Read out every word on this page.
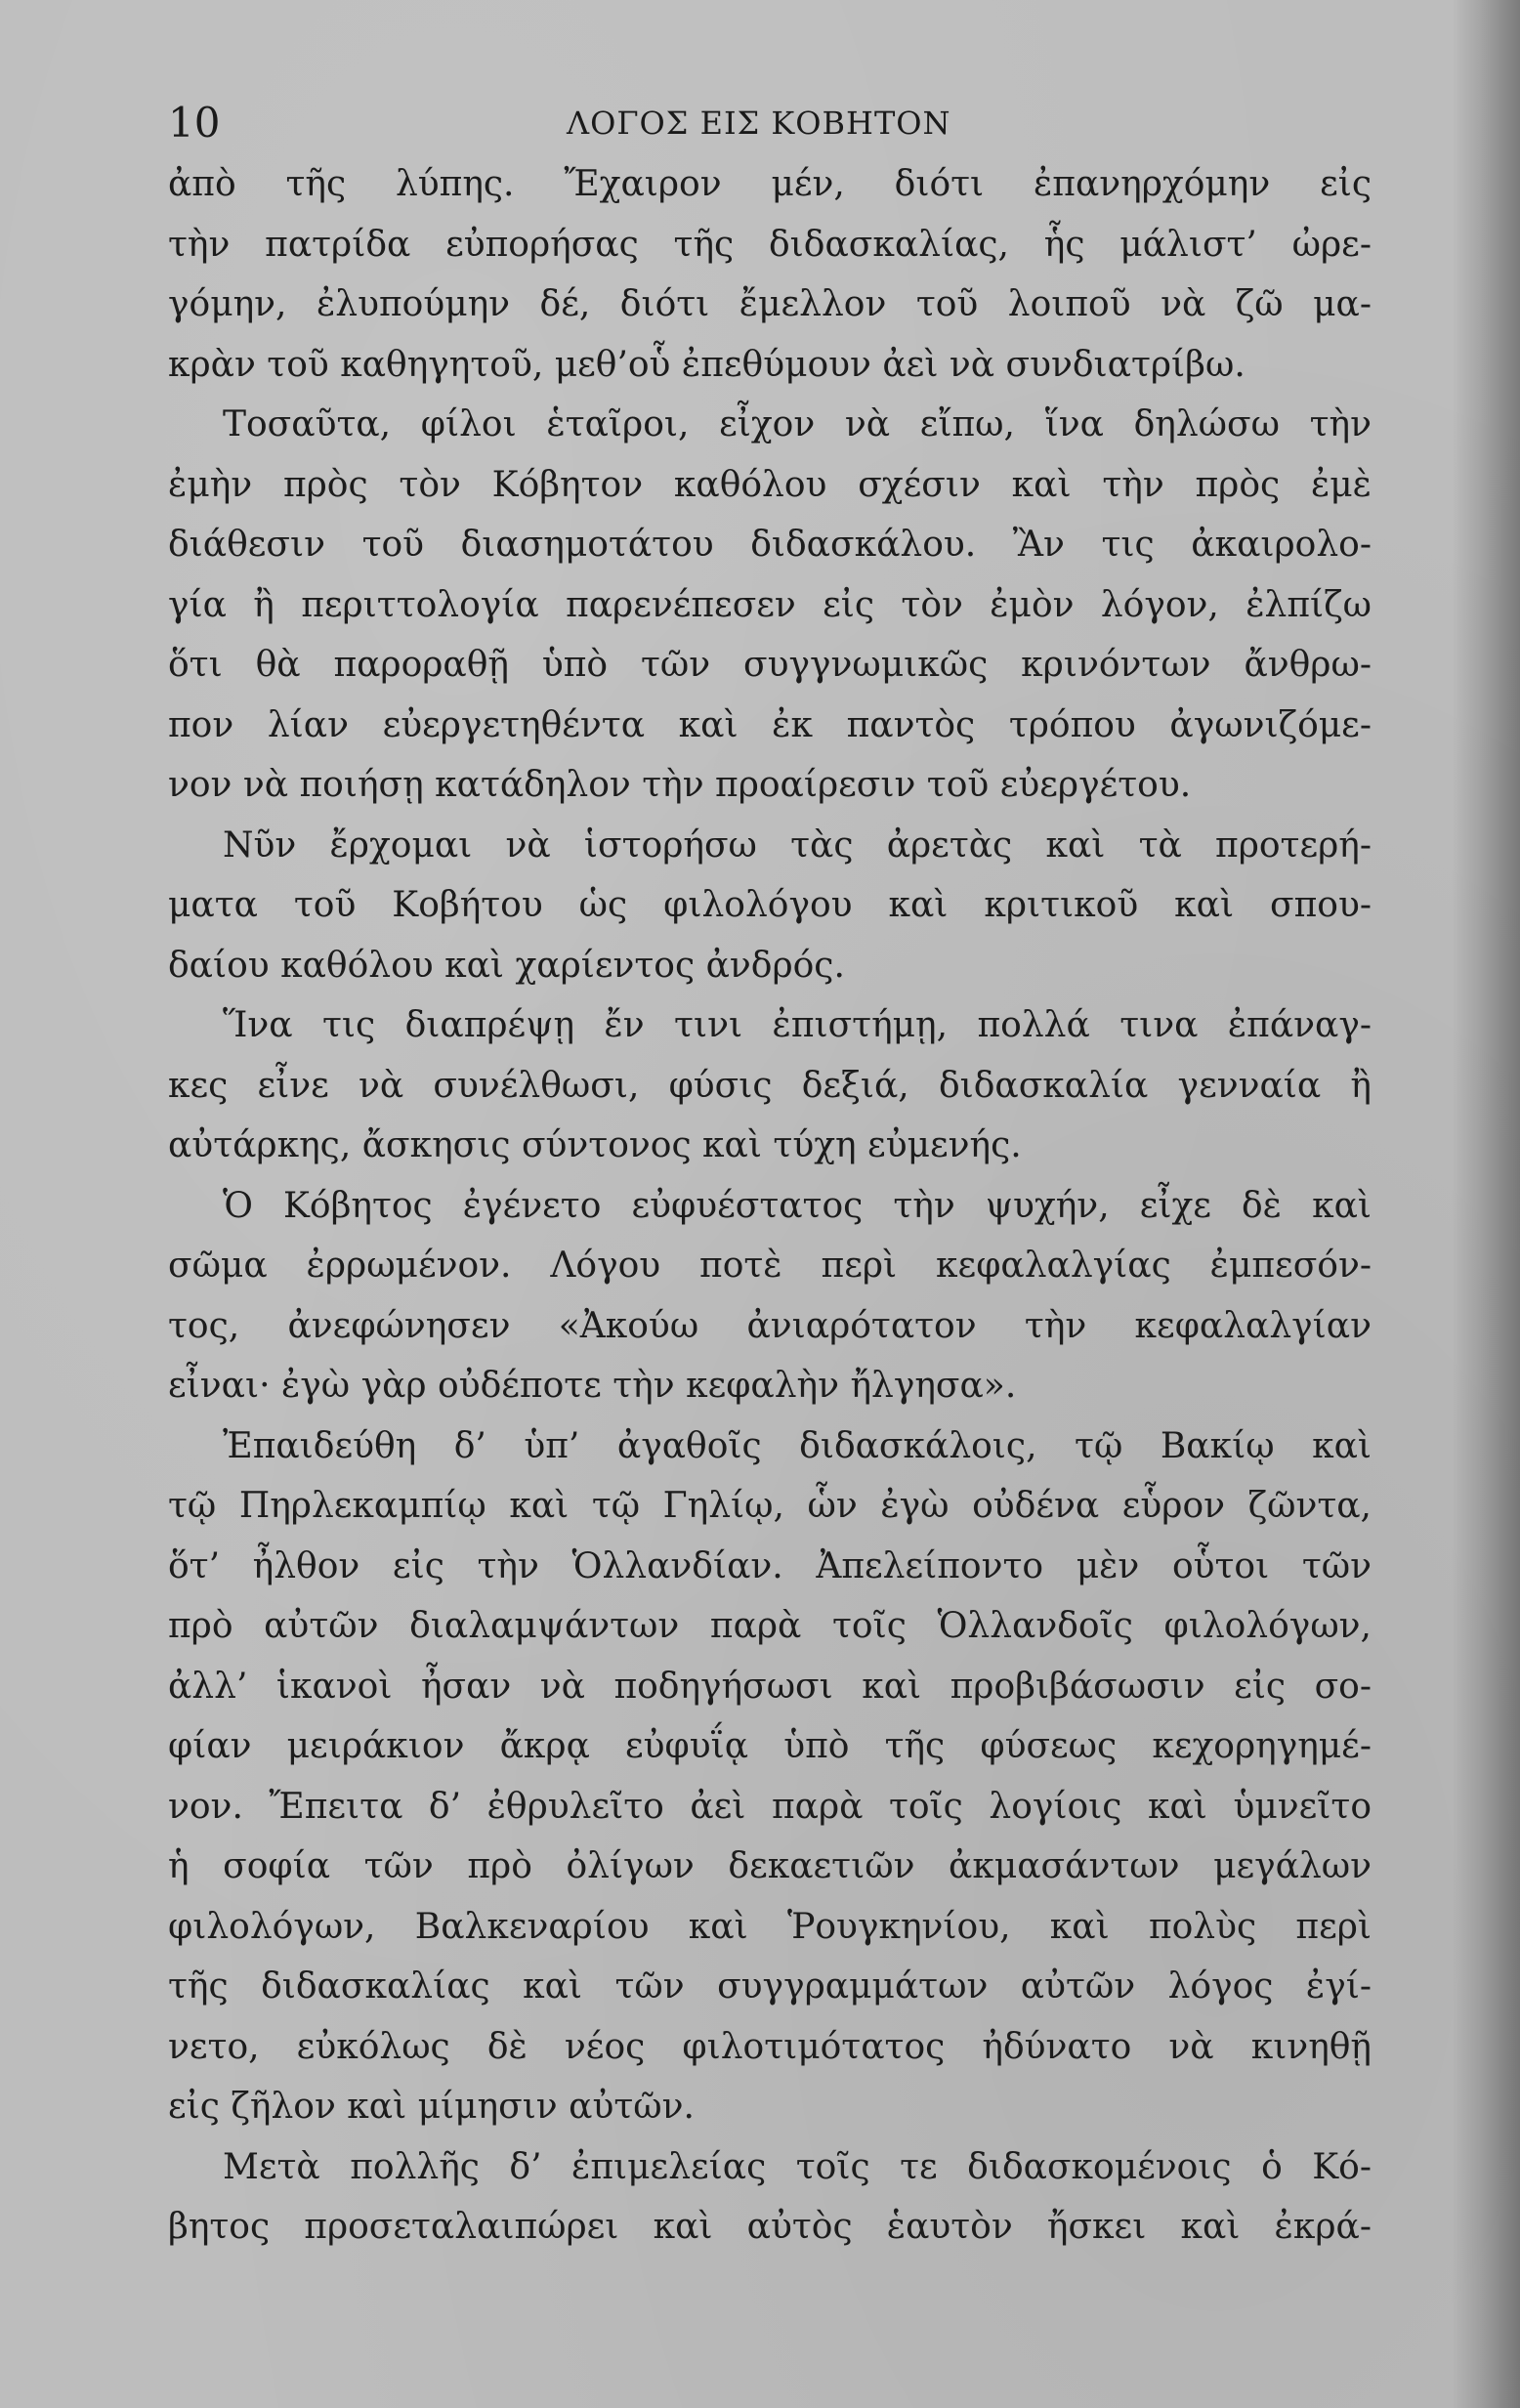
10	ΛΟΓΟΣ ΕΙΣ ΚΟΒΗΤΟΝ
ἀπὸ τῆς λύπης. Ἔχαιρον μέν, διότι ἐπανηρχόμην εἰς
τὴν πατρίδα εὐπορήσας τῆς διδασκαλίας, ἧς μάλιστ’ ὠρε-
γόμην, ἐλυπούμην δέ, διότι ἔμελλον τοῦ λοιποῦ νὰ ζῶ μα-
κρὰν τοῦ καθηγητοῦ, μεθ’οὗ ἐπεθύμουν ἀεὶ νὰ συνδιατρίβω.
Τοσαῦτα, φίλοι ἑταῖροι, εἶχον νὰ εἴπω, ἵνα δηλώσω τὴν
ἐμὴν πρὸς τὸν Κόβητον καθόλου σχέσιν καὶ τὴν πρὸς ἐμὲ
διάθεσιν τοῦ διασημοτάτου διδασκάλου. Ἂν τις ἀκαιρολο-
γία ἢ περιττολογία παρενέπεσεν εἰς τὸν ἐμὸν λόγον, ἐλπίζω
ὅτι θὰ παροραθῇ ὑπὸ τῶν συγγνωμικῶς κρινόντων ἄνθρω-
πον λίαν εὐεργετηθέντα καὶ ἐκ παντὸς τρόπου ἀγωνιζόμε-
νον νὰ ποιήσῃ κατάδηλον τὴν προαίρεσιν τοῦ εὐεργέτου.
Νῦν ἔρχομαι νὰ ἱστορήσω τὰς ἀρετὰς καὶ τὰ προτερή-
ματα τοῦ Κοβήτου ὡς φιλολόγου καὶ κριτικοῦ καὶ σπου-
δαίου καθόλου καὶ χαρίεντος ἀνδρός.
Ἵνα τις διαπρέψῃ ἔν τινι ἐπιστήμῃ, πολλά τινα ἐπάναγ-
κες εἶνε νὰ συνέλθωσι, φύσις δεξιά, διδασκαλία γενναία ἢ
αὐτάρκης, ἄσκησις σύντονος καὶ τύχη εὐμενής.
Ὁ Κόβητος ἐγένετο εὐφυέστατος τὴν ψυχήν, εἶχε δὲ καὶ
σῶμα ἐρρωμένον. Λόγου ποτὲ περὶ κεφαλαλγίας ἐμπεσόν-
τος, ἀνεφώνησεν «Ἀκούω ἀνιαρότατον τὴν κεφαλαλγίαν
εἶναι· ἐγὼ γὰρ οὐδέποτε τὴν κεφαλὴν ἤλγησα».
Ἐπαιδεύθη δ’ ὑπ’ ἀγαθοῖς διδασκάλοις, τῷ Βακίῳ καὶ
τῷ Πηρλεκαμπίῳ καὶ τῷ Γηλίῳ, ὧν ἐγὼ οὐδένα εὗρον ζῶντα,
ὅτ’ ἦλθον εἰς τὴν Ὁλλανδίαν. Ἀπελείποντο μὲν οὗτοι τῶν
πρὸ αὐτῶν διαλαμψάντων παρὰ τοῖς Ὁλλανδοῖς φιλολόγων,
ἀλλ’ ἱκανοὶ ἦσαν νὰ ποδηγήσωσι καὶ προβιβάσωσιν εἰς σο-
φίαν μειράκιον ἄκρᾳ εὐφυΐᾳ ὑπὸ τῆς φύσεως κεχορηγημέ-
νον. Ἔπειτα δ’ ἐθρυλεῖτο ἀεὶ παρὰ τοῖς λογίοις καὶ ὑμνεῖτο
ἡ σοφία τῶν πρὸ ὀλίγων δεκαετιῶν ἀκμασάντων μεγάλων
φιλολόγων, Βαλκεναρίου καὶ Ῥουγκηνίου, καὶ πολὺς περὶ
τῆς διδασκαλίας καὶ τῶν συγγραμμάτων αὐτῶν λόγος ἐγί-
νετο, εὐκόλως δὲ νέος φιλοτιμότατος ἠδύνατο νὰ κινηθῇ
εἰς ζῆλον καὶ μίμησιν αὐτῶν.
Μετὰ πολλῆς δ’ ἐπιμελείας τοῖς τε διδασκομένοις ὁ Κό-
βητος προσεταλαιπώρει καὶ αὐτὸς ἑαυτὸν ἤσκει καὶ ἐκρά-
